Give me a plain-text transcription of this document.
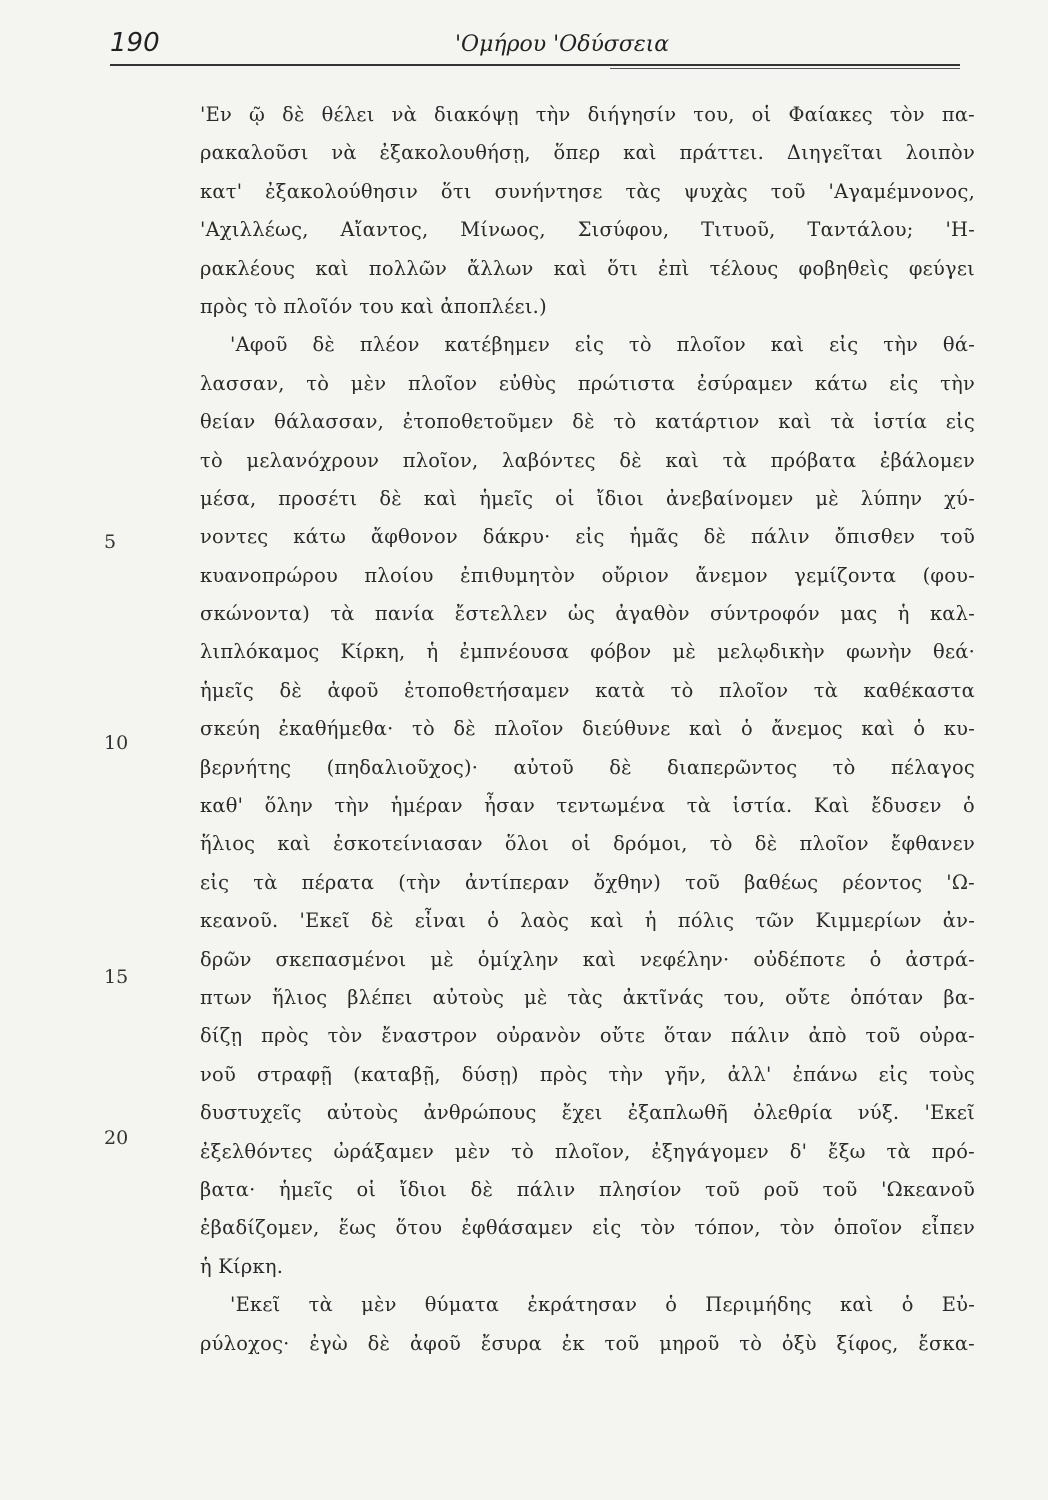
190	'Ομήρου 'Οδύσσεια
5
10
15
20
'Εν ῷ δὲ θέλει νὰ διακόψῃ τὴν διήγησίν του, οἱ Φαίακες τὸν πα-
ρακαλοῦσι νὰ ἐξακολουθήσῃ, ὅπερ καὶ πράττει. Διηγεῖται λοιπὸν
κατ' ἐξακολούθησιν ὅτι συνήντησε τὰς ψυχὰς τοῦ 'Αγαμέμνονος,
'Αχιλλέως, Αἴαντος, Μίνωος, Σισύφου, Τιτυοῦ, Ταντάλου; 'Η-
ρακλέους καὶ πολλῶν ἄλλων καὶ ὅτι ἐπὶ τέλους φοβηθεὶς φεύγει
πρὸς τὸ πλοῖόν του καὶ ἀποπλέει.)
'Αφοῦ δὲ πλέον κατέβημεν εἰς τὸ πλοῖον καὶ εἰς τὴν θά-
λασσαν, τὸ μὲν πλοῖον εὐθὺς πρώτιστα ἐσύραμεν κάτω εἰς τὴν
θείαν θάλασσαν, ἐτοποθετοῦμεν δὲ τὸ κατάρτιον καὶ τὰ ἱστία εἰς
τὸ μελανόχρουν πλοῖον, λαβόντες δὲ καὶ τὰ πρόβατα ἐβάλομεν
μέσα, προσέτι δὲ καὶ ἡμεῖς οἱ ἴδιοι ἀνεβαίνομεν μὲ λύπην χύ-
νοντες κάτω ἄφθονον δάκρυ· εἰς ἡμᾶς δὲ πάλιν ὄπισθεν τοῦ
κυανοπρώρου πλοίου ἐπιθυμητὸν οὔριον ἄνεμον γεμίζοντα (φου-
σκώνοντα) τὰ πανία ἔστελλεν ὡς ἀγαθὸν σύντροφόν μας ἡ καλ-
λιπλόκαμος Κίρκη, ἡ ἐμπνέουσα φόβον μὲ μελῳδικὴν φωνὴν θεά·
ἡμεῖς δὲ ἀφοῦ ἐτοποθετήσαμεν κατὰ τὸ πλοῖον τὰ καθέκαστα
σκεύη ἐκαθήμεθα· τὸ δὲ πλοῖον διεύθυνε καὶ ὁ ἄνεμος καὶ ὁ κυ-
βερνήτης (πηδαλιοῦχος)· αὐτοῦ δὲ διαπερῶντος τὸ πέλαγος
καθ' ὅλην τὴν ἡμέραν ἦσαν τεντωμένα τὰ ἱστία. Καὶ ἔδυσεν ὁ
ἥλιος καὶ ἐσκοτείνιασαν ὅλοι οἱ δρόμοι, τὸ δὲ πλοῖον ἔφθανεν
εἰς τὰ πέρατα (τὴν ἀντίπεραν ὄχθην) τοῦ βαθέως ρέοντος 'Ω-
κεανοῦ. 'Εκεῖ δὲ εἶναι ὁ λαὸς καὶ ἡ πόλις τῶν Κιμμερίων ἀν-
δρῶν σκεπασμένοι μὲ ὁμίχλην καὶ νεφέλην· οὐδέποτε ὁ ἀστρά-
πτων ἥλιος βλέπει αὐτοὺς μὲ τὰς ἀκτῖνάς του, οὔτε ὁπόταν βα-
δίζῃ πρὸς τὸν ἔναστρον οὐρανὸν οὔτε ὅταν πάλιν ἀπὸ τοῦ οὐρα-
νοῦ στραφῇ (καταβῇ, δύσῃ) πρὸς τὴν γῆν, ἀλλ' ἐπάνω εἰς τοὺς
δυστυχεῖς αὐτοὺς ἀνθρώπους ἔχει ἐξαπλωθῆ ὀλεθρία νύξ. 'Εκεῖ
ἐξελθόντες ὠράξαμεν μὲν τὸ πλοῖον, ἐξηγάγομεν δ' ἔξω τὰ πρό-
βατα· ἡμεῖς οἱ ἴδιοι δὲ πάλιν πλησίον τοῦ ροῦ τοῦ 'Ωκεανοῦ
ἐβαδίζομεν, ἕως ὅτου ἐφθάσαμεν εἰς τὸν τόπον, τὸν ὁποῖον εἶπεν
ἡ Κίρκη.
'Εκεῖ τὰ μὲν θύματα ἐκράτησαν ὁ Περιμήδης καὶ ὁ Εὐ-
ρύλοχος· ἐγὼ δὲ ἀφοῦ ἔσυρα ἐκ τοῦ μηροῦ τὸ ὀξὺ ξίφος, ἔσκα-
